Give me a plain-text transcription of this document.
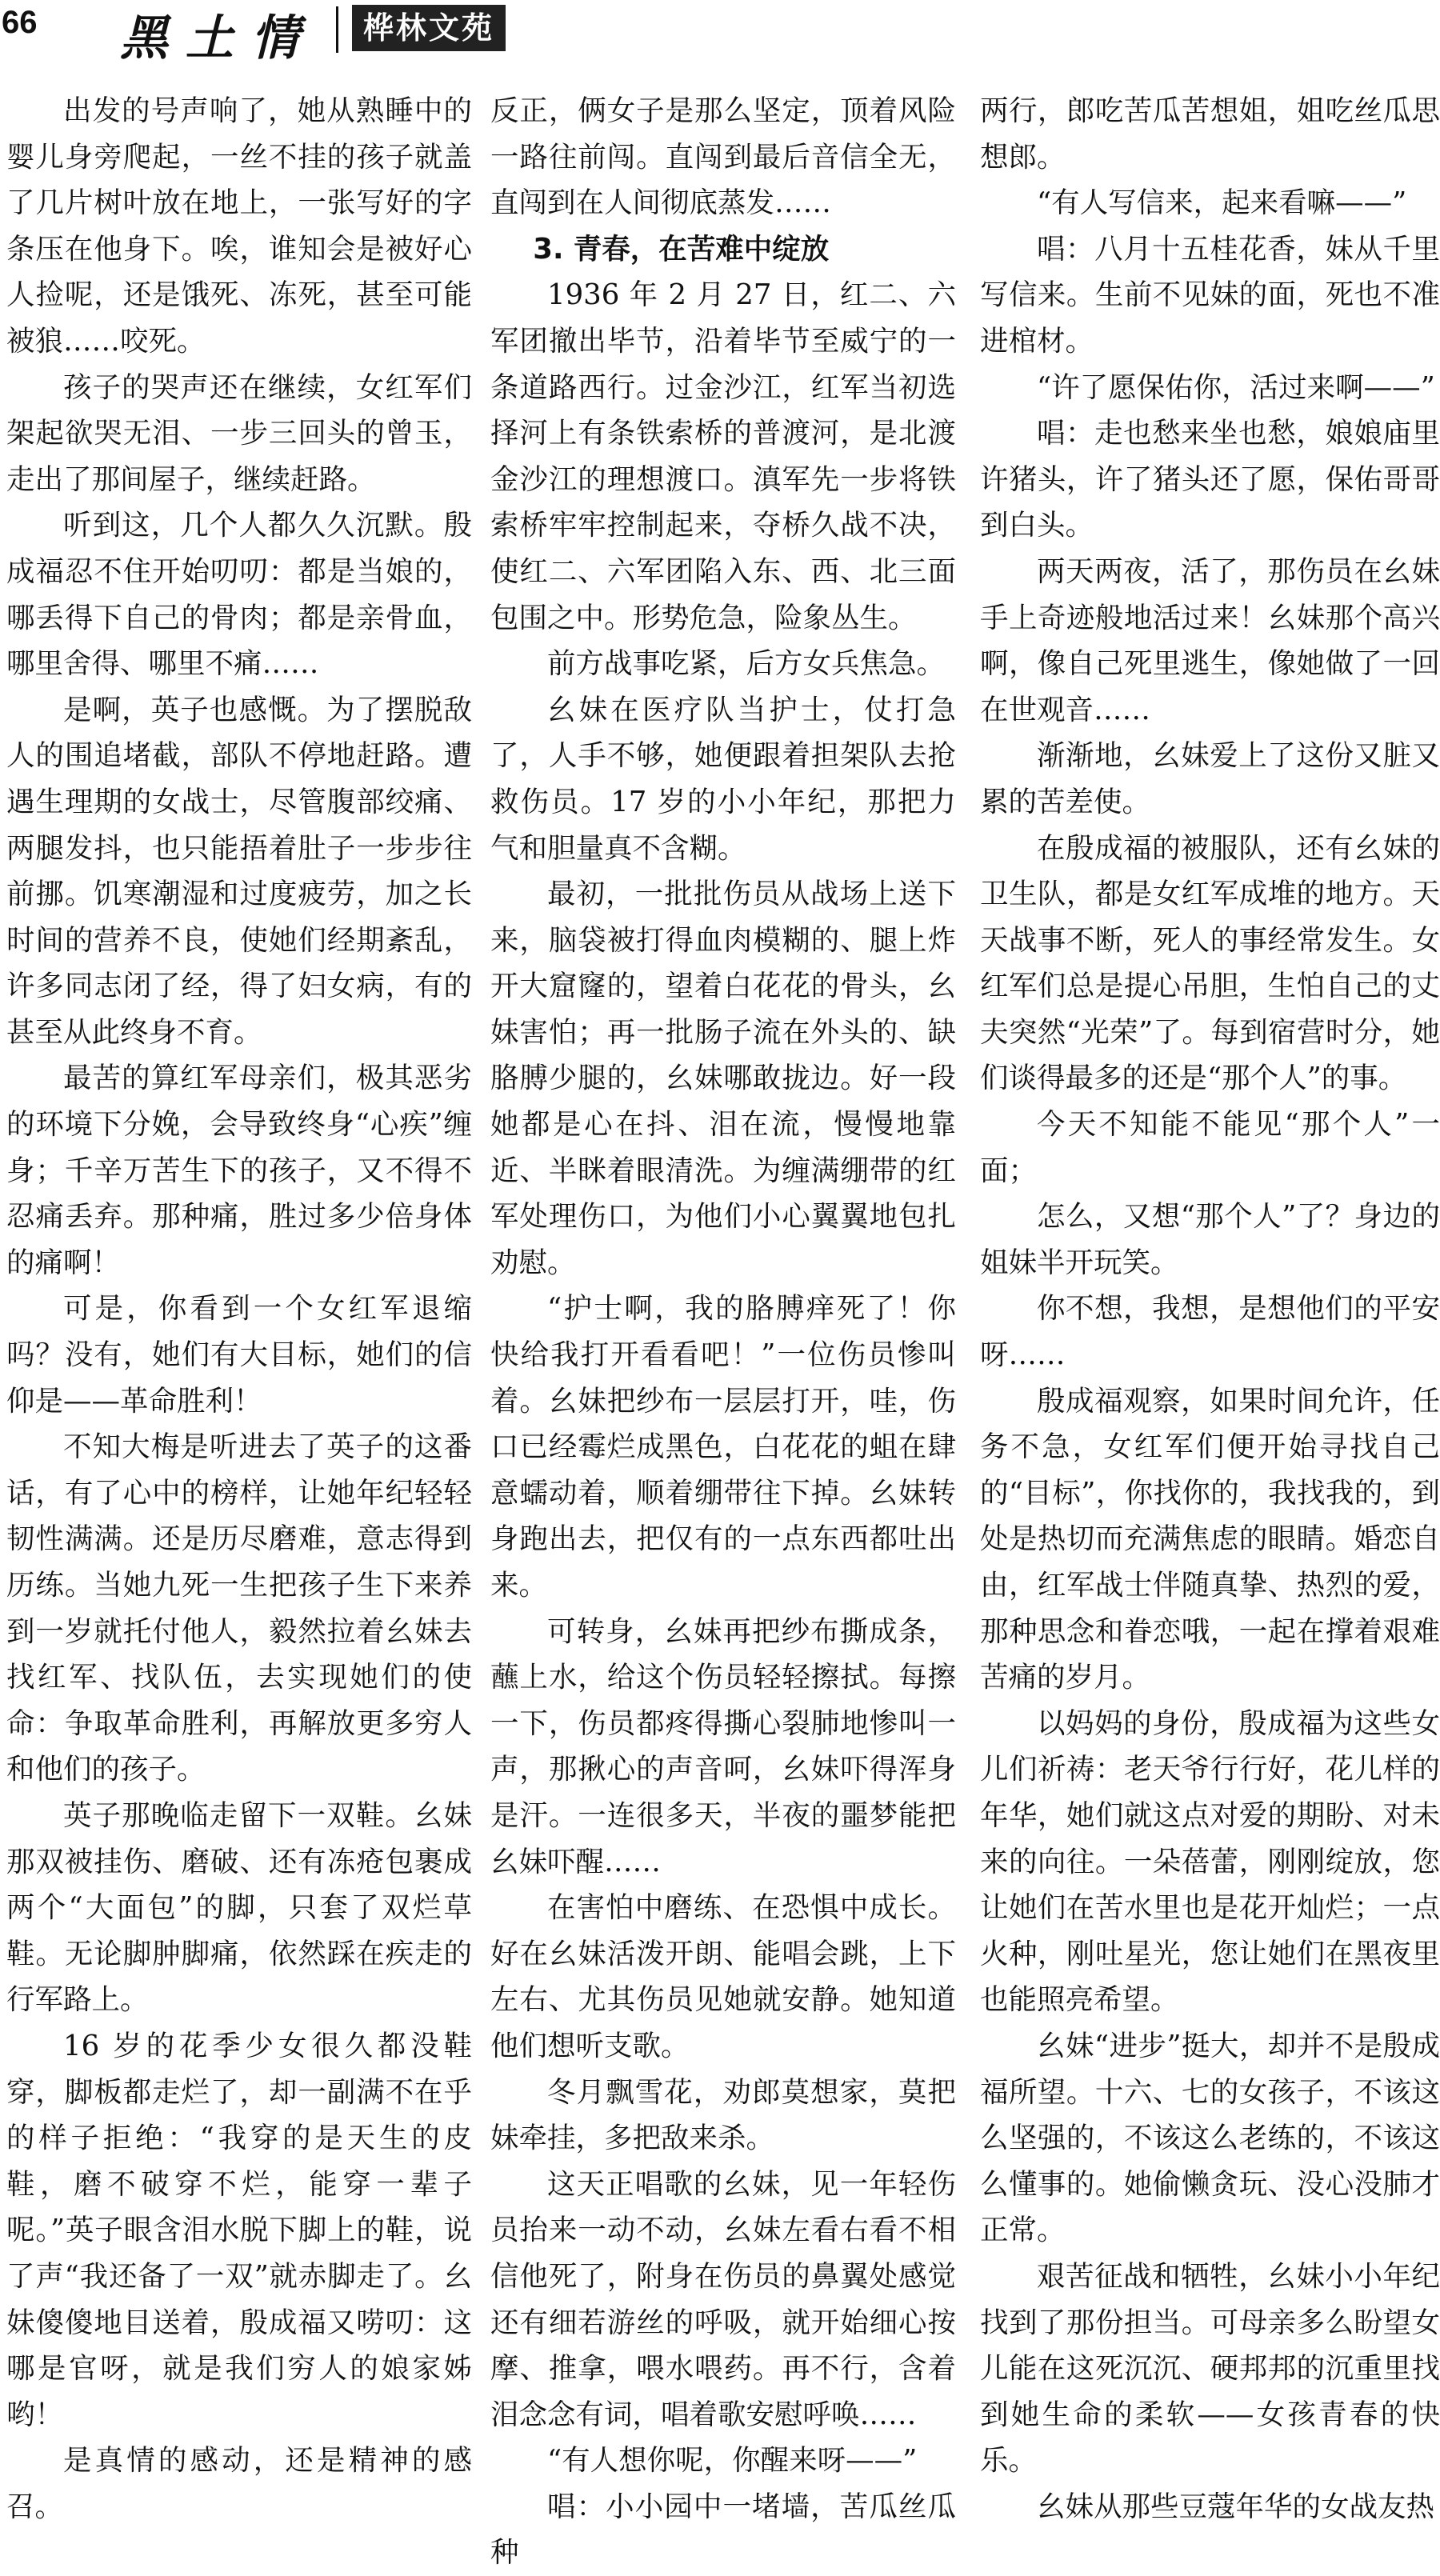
66 黑土情	桦林文苑

出发的号声响了，她从熟睡中的婴儿身旁爬起，一丝不挂的孩子就盖了几片树叶放在地上，一张写好的字条压在他身下。唉，谁知会是被好心人捡呢，还是饿死、冻死，甚至可能被狼……咬死。

孩子的哭声还在继续，女红军们架起欲哭无泪、一步三回头的曾玉，走出了那间屋子，继续赶路。

听到这，几个人都久久沉默。殷成福忍不住开始叨叨：都是当娘的，哪丢得下自己的骨肉；都是亲骨血，哪里舍得、哪里不痛……

是啊，英子也感慨。为了摆脱敌人的围追堵截，部队不停地赶路。遭遇生理期的女战士，尽管腹部绞痛、两腿发抖，也只能捂着肚子一步步往前挪。饥寒潮湿和过度疲劳，加之长时间的营养不良，使她们经期紊乱，许多同志闭了经，得了妇女病，有的甚至从此终身不育。

最苦的算红军母亲们，极其恶劣的环境下分娩，会导致终身“心疾”缠身；千辛万苦生下的孩子，又不得不忍痛丢弃。那种痛，胜过多少倍身体的痛啊！

可是，你看到一个女红军退缩吗？没有，她们有大目标，她们的信仰是——革命胜利！

不知大梅是听进去了英子的这番话，有了心中的榜样，让她年纪轻轻韧性满满。还是历尽磨难，意志得到历练。当她九死一生把孩子生下来养到一岁就托付他人，毅然拉着幺妹去找红军、找队伍，去实现她们的使命：争取革命胜利，再解放更多穷人和他们的孩子。

英子那晚临走留下一双鞋。幺妹那双被挂伤、磨破、还有冻疮包裹成两个“大面包”的脚，只套了双烂草鞋。无论脚肿脚痛，依然踩在疾走的行军路上。

16 岁的花季少女很久都没鞋穿，脚板都走烂了，却一副满不在乎的样子拒绝：“我穿的是天生的皮鞋，磨不破穿不烂，能穿一辈子呢。”英子眼含泪水脱下脚上的鞋，说了声“我还备了一双”就赤脚走了。幺妹傻傻地目送着，殷成福又唠叨：这哪是官呀，就是我们穷人的娘家姊哟！

是真情的感动，还是精神的感召。

反正，俩女子是那么坚定，顶着风险一路往前闯。直闯到最后音信全无，直闯到在人间彻底蒸发……

3. 青春，在苦难中绽放

1936 年 2 月 27 日，红二、六军团撤出毕节，沿着毕节至威宁的一条道路西行。过金沙江，红军当初选择河上有条铁索桥的普渡河，是北渡金沙江的理想渡口。滇军先一步将铁索桥牢牢控制起来，夺桥久战不决，使红二、六军团陷入东、西、北三面包围之中。形势危急，险象丛生。

前方战事吃紧，后方女兵焦急。

幺妹在医疗队当护士，仗打急了，人手不够，她便跟着担架队去抢救伤员。17 岁的小小年纪，那把力气和胆量真不含糊。

最初，一批批伤员从战场上送下来，脑袋被打得血肉模糊的、腿上炸开大窟窿的，望着白花花的骨头，幺妹害怕；再一批肠子流在外头的、缺胳膊少腿的，幺妹哪敢拢边。好一段她都是心在抖、泪在流，慢慢地靠近、半眯着眼清洗。为缠满绷带的红军处理伤口，为他们小心翼翼地包扎劝慰。

“护士啊，我的胳膊痒死了！你快给我打开看看吧！”一位伤员惨叫着。幺妹把纱布一层层打开，哇，伤口已经霉烂成黑色，白花花的蛆在肆意蠕动着，顺着绷带往下掉。幺妹转身跑出去，把仅有的一点东西都吐出来。

可转身，幺妹再把纱布撕成条，蘸上水，给这个伤员轻轻擦拭。每擦一下，伤员都疼得撕心裂肺地惨叫一声，那揪心的声音呵，幺妹吓得浑身是汗。一连很多天，半夜的噩梦能把幺妹吓醒……

在害怕中磨练、在恐惧中成长。好在幺妹活泼开朗、能唱会跳，上下左右、尤其伤员见她就安静。她知道他们想听支歌。

冬月飘雪花，劝郎莫想家，莫把妹牵挂，多把敌来杀。

这天正唱歌的幺妹，见一年轻伤员抬来一动不动，幺妹左看右看不相信他死了，附身在伤员的鼻翼处感觉还有细若游丝的呼吸，就开始细心按摩、推拿，喂水喂药。再不行，含着泪念念有词，唱着歌安慰呼唤……

“有人想你呢，你醒来呀——”

唱：小小园中一堵墙，苦瓜丝瓜种

两行，郎吃苦瓜苦想姐，姐吃丝瓜思想郎。

“有人写信来，起来看嘛——”

唱：八月十五桂花香，妹从千里写信来。生前不见妹的面，死也不准进棺材。

“许了愿保佑你，活过来啊——”

唱：走也愁来坐也愁，娘娘庙里许猪头，许了猪头还了愿，保佑哥哥到白头。

两天两夜，活了，那伤员在幺妹手上奇迹般地活过来！幺妹那个高兴啊，像自己死里逃生，像她做了一回在世观音……

渐渐地，幺妹爱上了这份又脏又累的苦差使。

在殷成福的被服队，还有幺妹的卫生队，都是女红军成堆的地方。天天战事不断，死人的事经常发生。女红军们总是提心吊胆，生怕自己的丈夫突然“光荣”了。每到宿营时分，她们谈得最多的还是“那个人”的事。

今天不知能不能见“那个人”一面；

怎么，又想“那个人”了？身边的姐妹半开玩笑。

你不想，我想，是想他们的平安呀……

殷成福观察，如果时间允许，任务不急，女红军们便开始寻找自己的“目标”，你找你的，我找我的，到处是热切而充满焦虑的眼睛。婚恋自由，红军战士伴随真挚、热烈的爱，那种思念和眷恋哦，一起在撑着艰难苦痛的岁月。

以妈妈的身份，殷成福为这些女儿们祈祷：老天爷行行好，花儿样的年华，她们就这点对爱的期盼、对未来的向往。一朵蓓蕾，刚刚绽放，您让她们在苦水里也是花开灿烂；一点火种，刚吐星光，您让她们在黑夜里也能照亮希望。

幺妹“进步”挺大，却并不是殷成福所望。十六、七的女孩子，不该这么坚强的，不该这么老练的，不该这么懂事的。她偷懒贪玩、没心没肺才正常。

艰苦征战和牺牲，幺妹小小年纪找到了那份担当。可母亲多么盼望女儿能在这死沉沉、硬邦邦的沉重里找到她生命的柔软——女孩青春的快乐。

幺妹从那些豆蔻年华的女战友热
